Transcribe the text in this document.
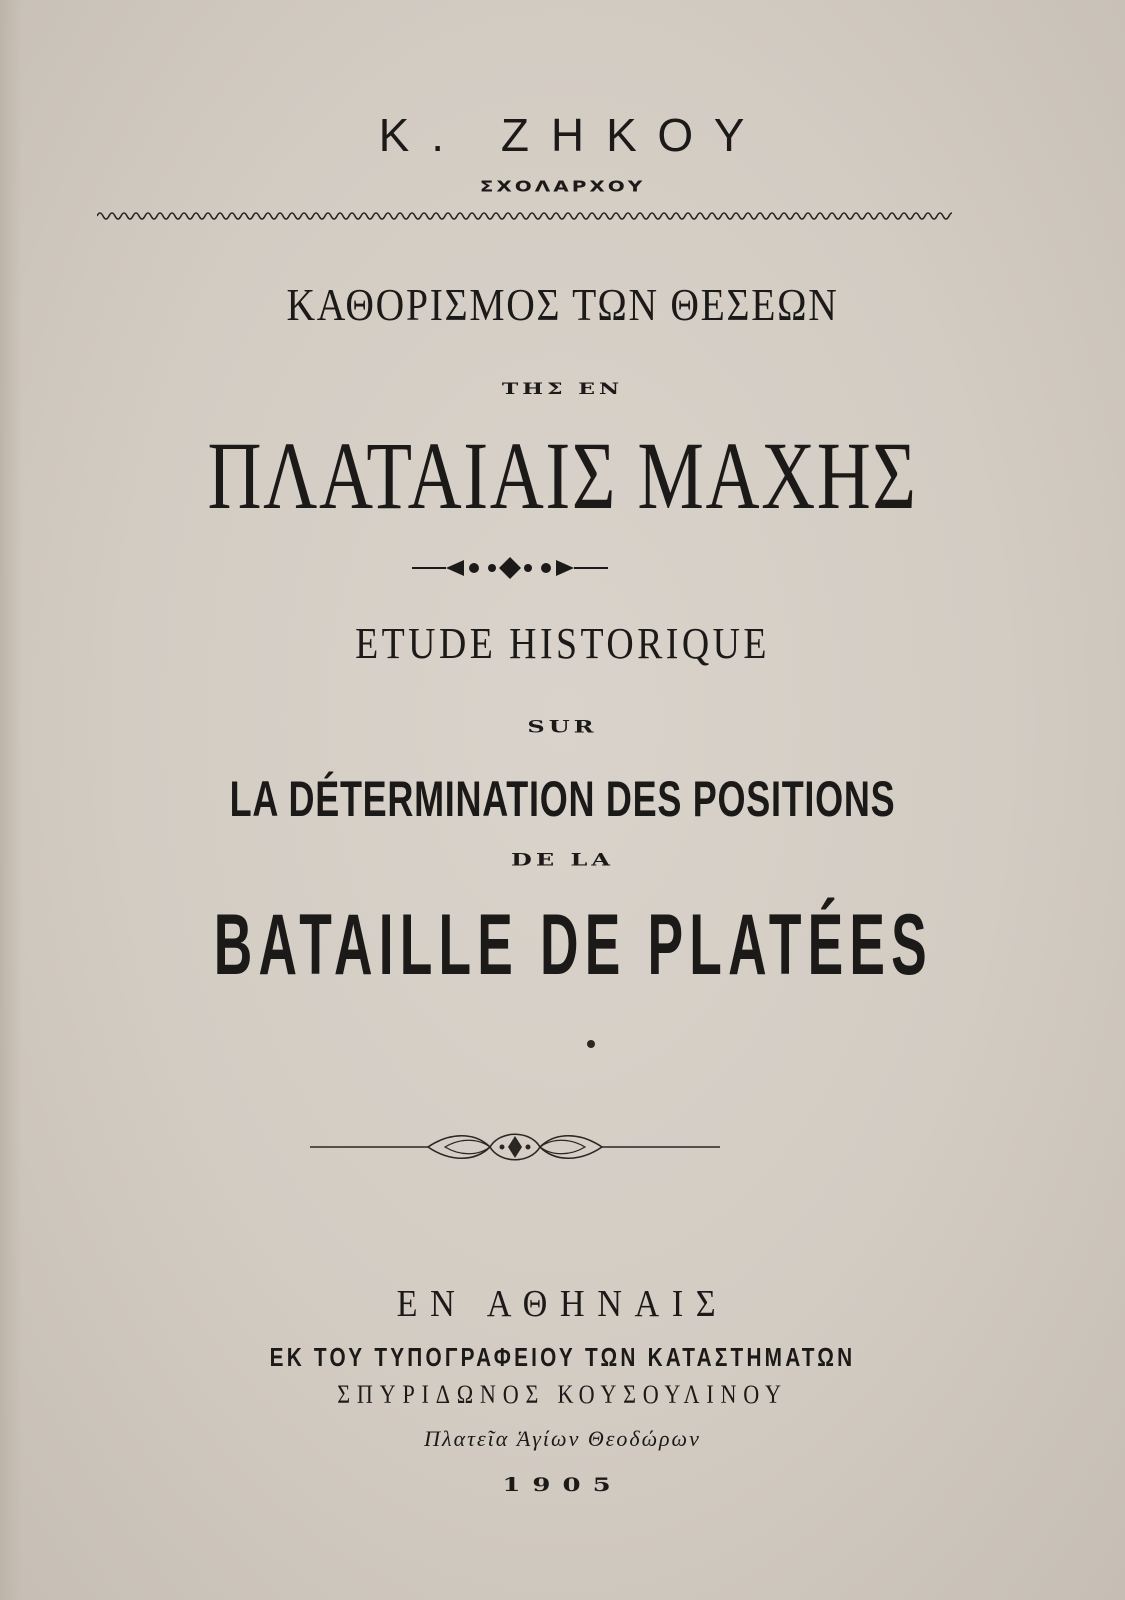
Κ. ΖΗΚΟΥ

ΣΧΟΛΑΡΧΟΥ

ΚΑΘΟΡΙΣΜΟΣ ΤΩΝ ΘΕΣΕΩΝ

ΤΗΣ ΕΝ

ΠΛΑΤΑΙΑΙΣ ΜΑΧΗΣ

ETUDE HISTORIQUE

SUR

LA DÉTERMINATION DES POSITIONS

DE LA

BATAILLE DE PLATÉES

ΕΝ ΑΘΗΝΑΙΣ

ΕΚ ΤΟΥ ΤΥΠΟΓΡΑΦΕΙΟΥ ΤΩΝ ΚΑΤΑΣΤΗΜΑΤΩΝ

ΣΠΥΡΙΔΩΝΟΣ ΚΟΥΣΟΥΛΙΝΟΥ

Πλατεῖα Ἁγίων Θεοδώρων

1905
